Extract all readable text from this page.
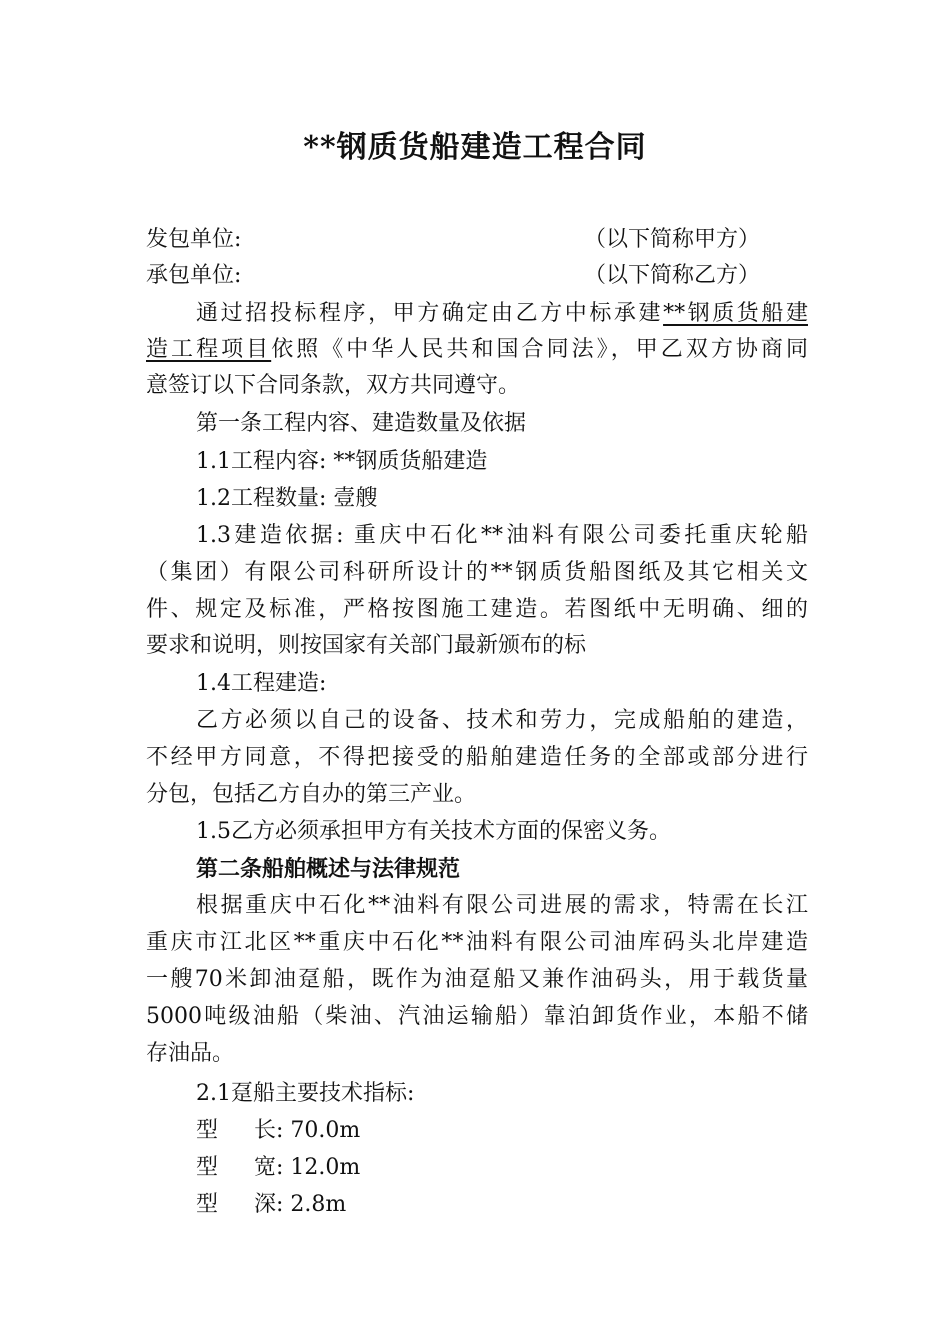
**钢质货船建造工程合同
发包单位:	（以下简称甲方）
承包单位:	（以下简称乙方）
通过招投标程序，甲方确定由乙方中标承建**钢质货船建
造工程项目依照《中华人民共和国合同法》，甲乙双方协商同
意签订以下合同条款，双方共同遵守。
第一条工程内容、建造数量及依据
1.1工程内容: **钢质货船建造
1.2工程数量: 壹艘
1.3建造依据: 重庆中石化**油料有限公司委托重庆轮船
（集团）有限公司科研所设计的**钢质货船图纸及其它相关文
件、规定及标准，严格按图施工建造。若图纸中无明确、细的
要求和说明，则按国家有关部门最新颁布的标
1.4工程建造:
乙方必须以自己的设备、技术和劳力，完成船舶的建造，
不经甲方同意，不得把接受的船舶建造任务的全部或部分进行
分包，包括乙方自办的第三产业。
1.5乙方必须承担甲方有关技术方面的保密义务。
第二条船舶概述与法律规范
根据重庆中石化**油料有限公司进展的需求，特需在长江
重庆市江北区**重庆中石化**油料有限公司油库码头北岸建造
一艘70米卸油趸船，既作为油趸船又兼作油码头，用于载货量
5000吨级油船（柴油、汽油运输船）靠泊卸货作业，本船不储
存油品。
2.1趸船主要技术指标:
型 长: 70.0m
型 宽: 12.0m
型 深: 2.8m
